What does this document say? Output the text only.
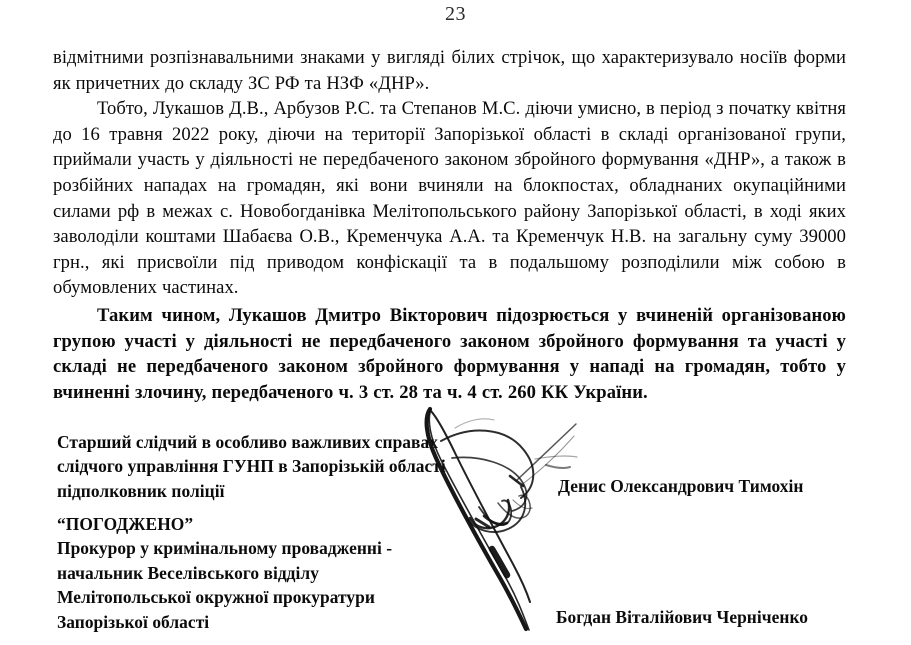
23

відмітними розпізнавальними знаками у вигляді білих стрічок, що характеризувало носіїв форми як причетних до складу ЗС РФ та НЗФ «ДНР».

Тобто, Лукашов Д.В., Арбузов Р.С. та Степанов М.С. діючи умисно, в період з початку квітня до 16 травня 2022 року, діючи на території Запорізької області в складі організованої групи, приймали участь у діяльності не передбаченого законом збройного формування «ДНР», а також в розбійних нападах на громадян, які вони вчиняли на блокпостах, обладнаних окупаційними силами рф в межах с. Новобогданівка Мелітопольського району Запорізької області, в ході яких заволоділи коштами Шабаєва О.В., Кременчука А.А. та Кременчук Н.В. на загальну суму 39000 грн., які присвоїли під приводом конфіскації та в подальшому розподілили між собою в обумовлених частинах.

Таким чином, Лукашов Дмитро Вікторович підозрюється у вчиненій організованою групою участі у діяльності не передбаченого законом збройного формування та участі у складі не передбаченого законом збройного формування у нападі на громадян, тобто у вчиненні злочину, передбаченого ч. 3 ст. 28 та ч. 4 ст. 260 КК України.

Старший слідчий в особливо важливих справах
слідчого управління ГУНП в Запорізькій області
підполковник поліції	Денис Олександрович Тимохін
“ПОГОДЖЕНО”
Прокурор у кримінальному провадженні -
начальник Веселівського відділу
Мелітопольської окружної прокуратури
Запорізької області	Богдан Віталійович Черніченко
